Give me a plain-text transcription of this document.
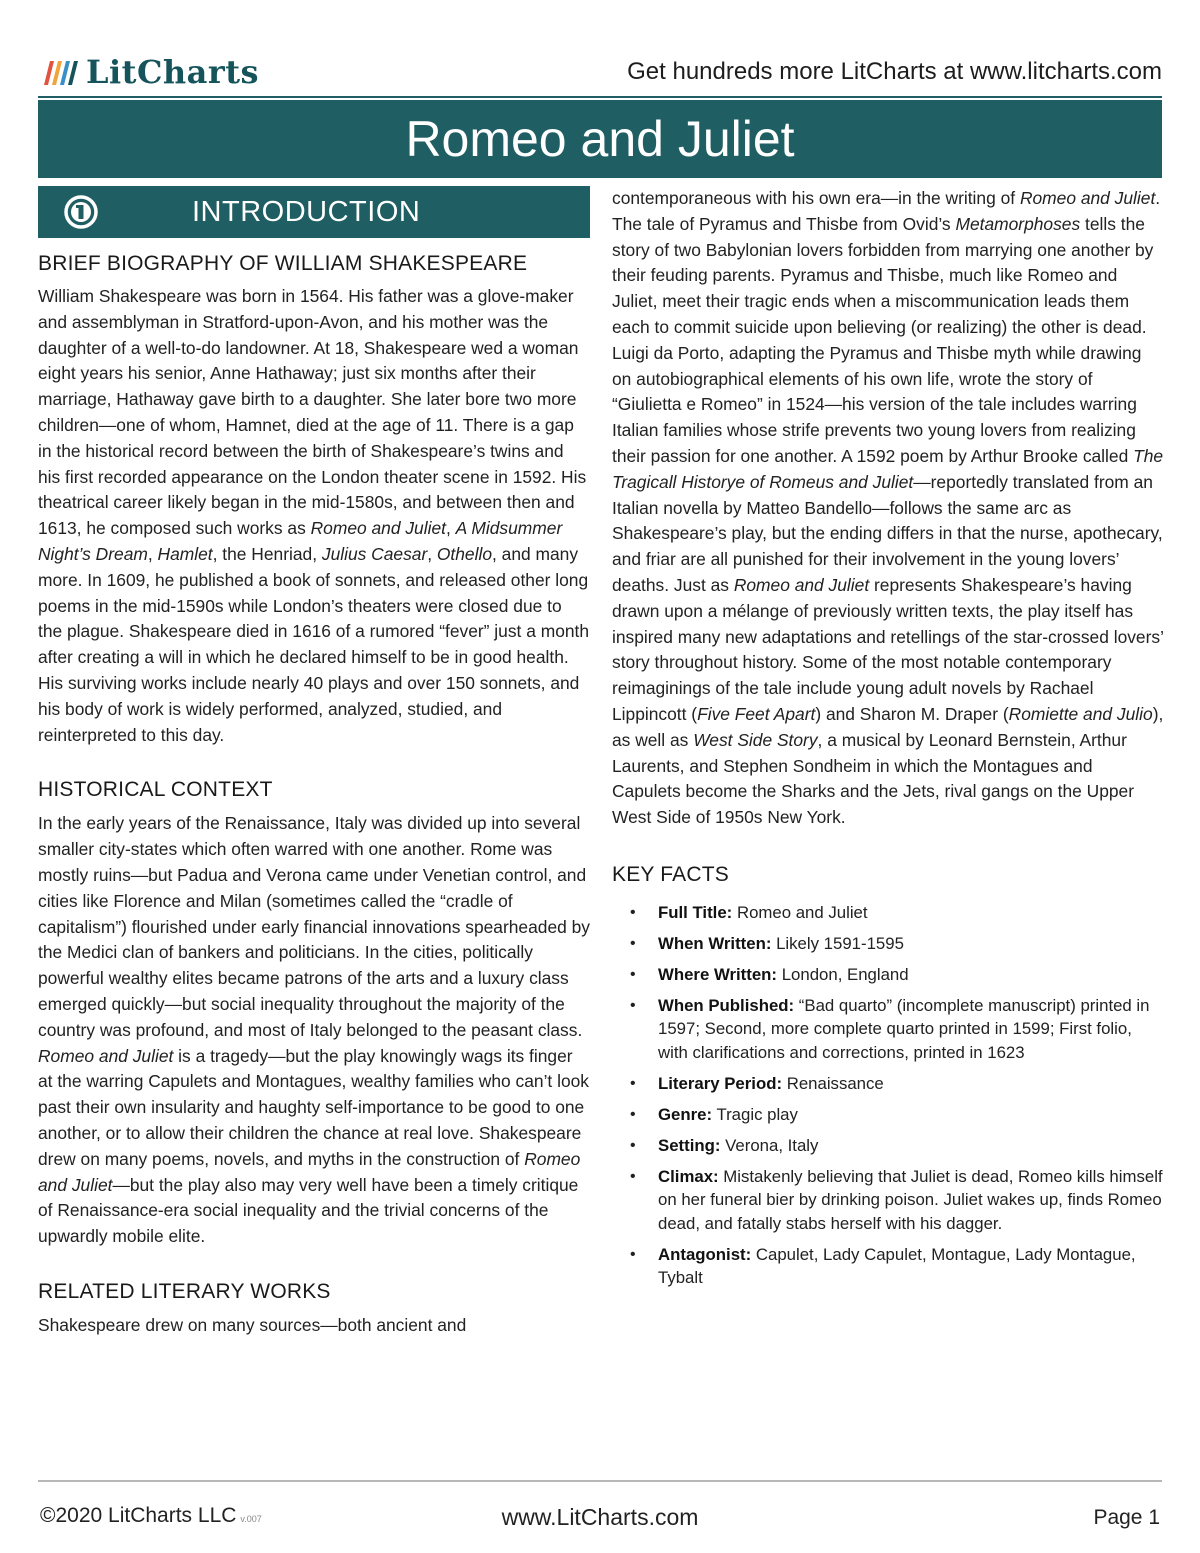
LitCharts	Get hundreds more LitCharts at www.litcharts.com
Romeo and Juliet
INTRODUCTION
BRIEF BIOGRAPHY OF WILLIAM SHAKESPEARE

William Shakespeare was born in 1564. His father was a glove-maker and assemblyman in Stratford-upon-Avon, and his mother was the daughter of a well-to-do landowner. At 18, Shakespeare wed a woman eight years his senior, Anne Hathaway; just six months after their marriage, Hathaway gave birth to a daughter. She later bore two more children—one of whom, Hamnet, died at the age of 11. There is a gap in the historical record between the birth of Shakespeare’s twins and his first recorded appearance on the London theater scene in 1592. His theatrical career likely began in the mid-1580s, and between then and 1613, he composed such works as Romeo and Juliet, A Midsummer Night’s Dream, Hamlet, the Henriad, Julius Caesar, Othello, and many more. In 1609, he published a book of sonnets, and released other long poems in the mid-1590s while London’s theaters were closed due to the plague. Shakespeare died in 1616 of a rumored “fever” just a month after creating a will in which he declared himself to be in good health. His surviving works include nearly 40 plays and over 150 sonnets, and his body of work is widely performed, analyzed, studied, and reinterpreted to this day.

HISTORICAL CONTEXT

In the early years of the Renaissance, Italy was divided up into several smaller city-states which often warred with one another. Rome was mostly ruins—but Padua and Verona came under Venetian control, and cities like Florence and Milan (sometimes called the “cradle of capitalism”) flourished under early financial innovations spearheaded by the Medici clan of bankers and politicians. In the cities, politically powerful wealthy elites became patrons of the arts and a luxury class emerged quickly—but social inequality throughout the majority of the country was profound, and most of Italy belonged to the peasant class. Romeo and Juliet is a tragedy—but the play knowingly wags its finger at the warring Capulets and Montagues, wealthy families who can’t look past their own insularity and haughty self-importance to be good to one another, or to allow their children the chance at real love. Shakespeare drew on many poems, novels, and myths in the construction of Romeo and Juliet—but the play also may very well have been a timely critique of Renaissance-era social inequality and the trivial concerns of the upwardly mobile elite.

RELATED LITERARY WORKS

Shakespeare drew on many sources—both ancient and

contemporaneous with his own era—in the writing of Romeo and Juliet. The tale of Pyramus and Thisbe from Ovid’s Metamorphoses tells the story of two Babylonian lovers forbidden from marrying one another by their feuding parents. Pyramus and Thisbe, much like Romeo and Juliet, meet their tragic ends when a miscommunication leads them each to commit suicide upon believing (or realizing) the other is dead. Luigi da Porto, adapting the Pyramus and Thisbe myth while drawing on autobiographical elements of his own life, wrote the story of “Giulietta e Romeo” in 1524—his version of the tale includes warring Italian families whose strife prevents two young lovers from realizing their passion for one another. A 1592 poem by Arthur Brooke called The Tragicall Historye of Romeus and Juliet—reportedly translated from an Italian novella by Matteo Bandello—follows the same arc as Shakespeare’s play, but the ending differs in that the nurse, apothecary, and friar are all punished for their involvement in the young lovers’ deaths. Just as Romeo and Juliet represents Shakespeare’s having drawn upon a mélange of previously written texts, the play itself has inspired many new adaptations and retellings of the star-crossed lovers’ story throughout history. Some of the most notable contemporary reimaginings of the tale include young adult novels by Rachael Lippincott (Five Feet Apart) and Sharon M. Draper (Romiette and Julio), as well as West Side Story, a musical by Leonard Bernstein, Arthur Laurents, and Stephen Sondheim in which the Montagues and Capulets become the Sharks and the Jets, rival gangs on the Upper West Side of 1950s New York.

KEY FACTS
• Full Title: Romeo and Juliet
• When Written: Likely 1591-1595
• Where Written: London, England
• When Published: “Bad quarto” (incomplete manuscript) printed in 1597; Second, more complete quarto printed in 1599; First folio, with clarifications and corrections, printed in 1623
• Literary Period: Renaissance
• Genre: Tragic play
• Setting: Verona, Italy
• Climax: Mistakenly believing that Juliet is dead, Romeo kills himself on her funeral bier by drinking poison. Juliet wakes up, finds Romeo dead, and fatally stabs herself with his dagger.
• Antagonist: Capulet, Lady Capulet, Montague, Lady Montague, Tybalt
©2020 LitCharts LLC v.007	www.LitCharts.com	Page 1
